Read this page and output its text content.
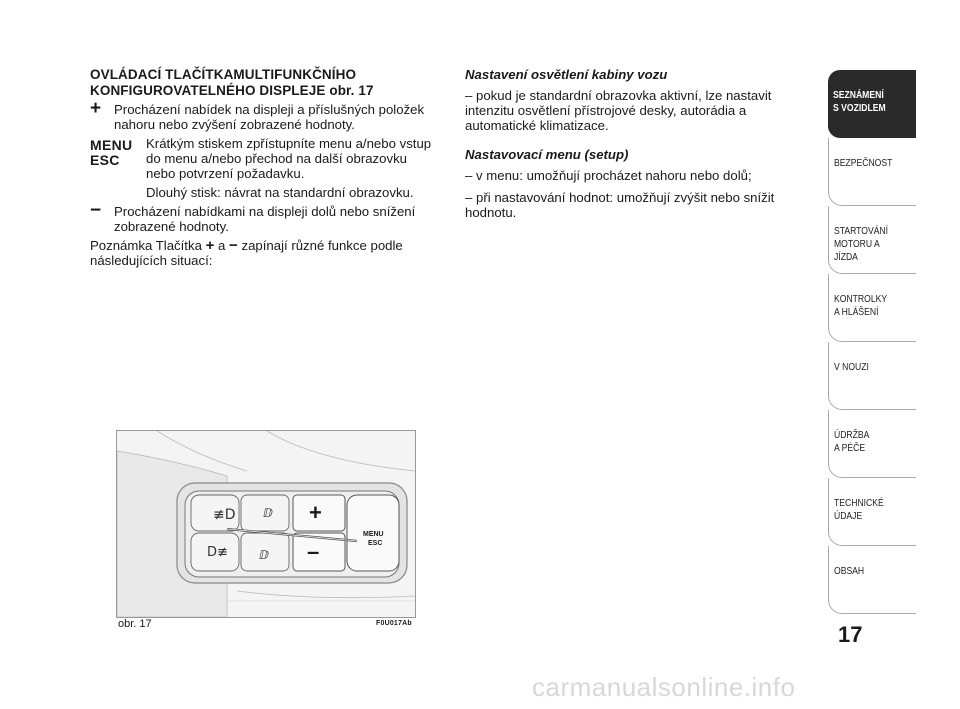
OVLÁDACÍ TLAČÍTKAMULTIFUNKČNÍHO
KONFIGUROVATELNÉHO DISPLEJE obr. 17
+ Procházení nabídek na displeji a příslušných položek nahoru nebo zvýšení zobrazené hodnoty.
MENU
ESC
Krátkým stiskem zpřístupníte menu a/nebo vstup do menu a/nebo přechod na další obrazovku nebo potvrzení požadavku.
Dlouhý stisk: návrat na standardní obrazovku.
− Procházení nabídkami na displeji dolů nebo snížení zobrazené hodnoty.
Poznámka Tlačítka + a − zapínají různé funkce podle následujících situací:
Nastavení osvětlení kabiny vozu
– pokud je standardní obrazovka aktivní, lze nastavit intenzitu osvětlení přístrojové desky, autorádia a automatické klimatizace.
Nastavovací menu (setup)
– v menu: umožňují procházet nahoru nebo dolů;
– při nastavování hodnot: umožňují zvýšit nebo snížit hodnotu.
≢D ⅅ
D≢	ⅅ
+
–
MENU
ESC
obr. 17	F0U017Ab
SEZNÁMENÍ
S VOZIDLEM
BEZPEČNOST
STARTOVÁNÍ
MOTORU A JÍZDA
KONTROLKY
A HLÁŠENÍ
V NOUZI
ÚDRŽBA
A PÉČE
TECHNICKÉ
ÚDAJE
OBSAH
17
carmanualsonline.info
